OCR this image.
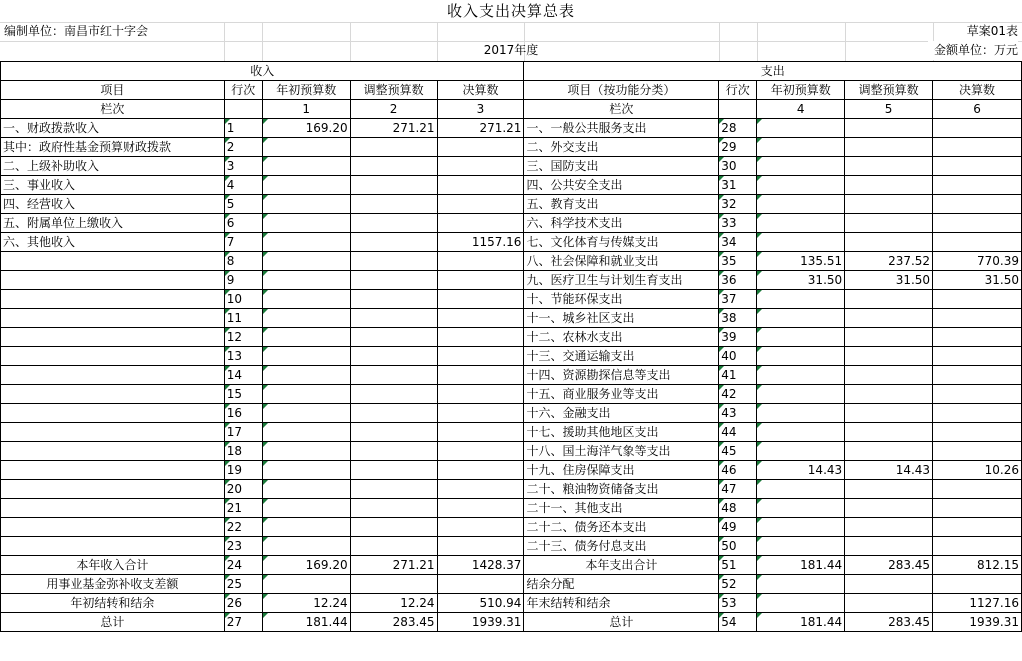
收入支出决算总表
编制单位：南昌市红十字会	草案01表
2017年度	金额单位：万元
收入					支出				
项目	行次	年初预算数	调整预算数	决算数	项目（按功能分类）	行次	年初预算数	调整预算数	决算数
栏次		1	2	3	栏次		4	5	6
一、财政拨款收入	1	169.20	271.21	271.21	一、一般公共服务支出	28			
其中：政府性基金预算财政拨款	2				二、外交支出	29			
二、上级补助收入	3				三、国防支出	30			
三、事业收入	4				四、公共安全支出	31			
四、经营收入	5				五、教育支出	32			
五、附属单位上缴收入	6				六、科学技术支出	33			
六、其他收入	7			1157.16	七、文化体育与传媒支出	34			
	8				八、社会保障和就业支出	35	135.51	237.52	770.39
	9				九、医疗卫生与计划生育支出	36	31.50	31.50	31.50
	10				十、节能环保支出	37			
	11				十一、城乡社区支出	38			
	12				十二、农林水支出	39			
	13				十三、交通运输支出	40			
	14				十四、资源勘探信息等支出	41			
	15				十五、商业服务业等支出	42			
	16				十六、金融支出	43			
	17				十七、援助其他地区支出	44			
	18				十八、国土海洋气象等支出	45			
	19				十九、住房保障支出	46	14.43	14.43	10.26
	20				二十、粮油物资储备支出	47			
	21				二十一、其他支出	48			
	22				二十二、债务还本支出	49			
	23				二十三、债务付息支出	50			
本年收入合计	24	169.20	271.21	1428.37	本年支出合计	51	181.44	283.45	812.15
用事业基金弥补收支差额	25				结余分配	52			
年初结转和结余	26	12.24	12.24	510.94	年末结转和结余	53			1127.16
总计	27	181.44	283.45	1939.31	总计	54	181.44	283.45	1939.31
